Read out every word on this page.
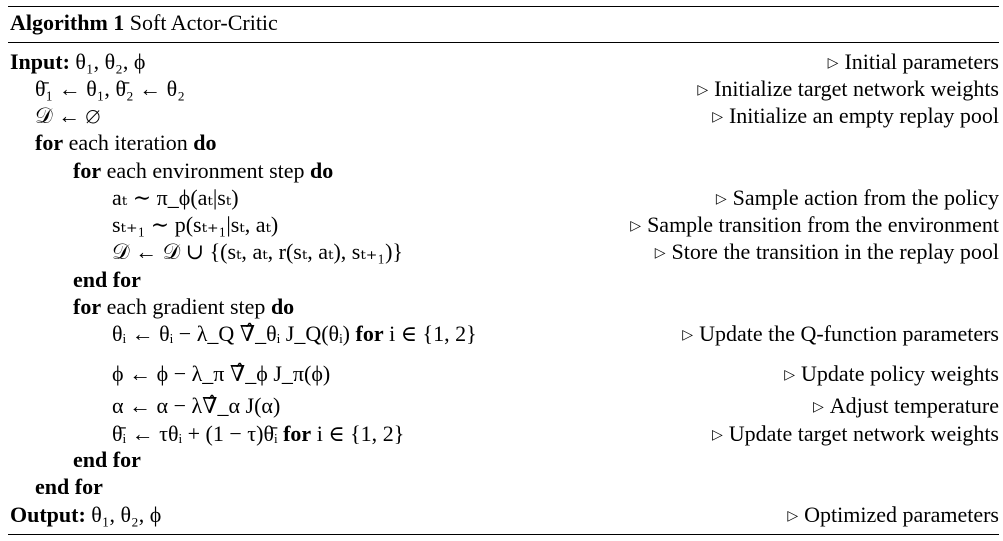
Algorithm 1 Soft Actor-Critic
Input: θ₁, θ₂, ϕ	▷ Initial parameters
θ̄₁ ← θ₁, θ̄₂ ← θ₂	▷ Initialize target network weights
𝒟 ← ∅	▷ Initialize an empty replay pool
for each iteration do
for each environment step do
aₜ ∼ π_ϕ(aₜ|sₜ)	▷ Sample action from the policy
sₜ₊₁ ∼ p(sₜ₊₁|sₜ, aₜ)	▷ Sample transition from the environment
𝒟 ← 𝒟 ∪ {(sₜ, aₜ, r(sₜ, aₜ), sₜ₊₁)}	▷ Store the transition in the replay pool
end for
for each gradient step do
θᵢ ← θᵢ − λ_Q ∇̂_θᵢ J_Q(θᵢ) for i ∈ {1, 2}	▷ Update the Q-function parameters
ϕ ← ϕ − λ_π ∇̂_ϕ J_π(ϕ)	▷ Update policy weights
α ← α − λ∇̂_α J(α)	▷ Adjust temperature
θ̄ᵢ ← τθᵢ + (1 − τ)θ̄ᵢ for i ∈ {1, 2}	▷ Update target network weights
end for
end for
Output: θ₁, θ₂, ϕ	▷ Optimized parameters
